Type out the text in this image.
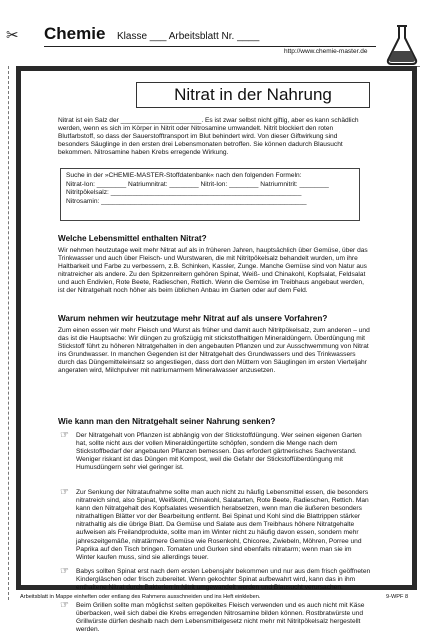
✂ Chemie Klasse ___ Arbeitsblatt Nr. ____
http://www.chemie-master.de
Nitrat in der Nahrung

Nitrat ist ein Salz der ______________________. Es ist zwar selbst nicht giftig, aber es kann schädlich werden, wenn es sich im Körper in Nitrit oder Nitrosamine umwandelt. Nitrit blockiert den roten Blutfarbstoff, so dass der Sauerstofftransport im Blut behindert wird. Von dieser Giftwirkung sind besonders Säuglinge in den ersten drei Lebensmonaten betroffen. Sie können dadurch Blausucht bekommen. Nitrosamine haben Krebs erregende Wirkung.

Suche in der »CHEMIE-MASTER-Stoffdatenbank« nach den folgenden Formeln:
Nitrat-Ion: ________ Natriumnitrat: ________ Nitrit-Ion: ________ Natriumnitrit: ________
Nitritpökelsalz: ____________________________________________________
Nitrosamin: ________________________________________________________
Welche Lebensmittel enthalten Nitrat?

Wir nehmen heutzutage weit mehr Nitrat auf als in früheren Jahren, hauptsächlich über Gemüse, über das Trinkwasser und auch über Fleisch- und Wurstwaren, die mit Nitritpökelsalz behandelt wurden, um ihre Haltbarkeit und Farbe zu verbessern, z.B. Schinken, Kassler, Zunge. Manche Gemüse sind von Natur aus nitratreicher als andere. Zu den Spitzenreitern gehören Spinat, Weiß- und Chinakohl, Kopfsalat, Feldsalat und auch Endivien, Rote Beete, Radieschen, Rettich. Wenn die Gemüse im Treibhaus angebaut werden, ist der Nitratgehalt noch höher als beim üblichen Anbau im Garten oder auf dem Feld.

Warum nehmen wir heutzutage mehr Nitrat auf als unsere Vorfahren?

Zum einen essen wir mehr Fleisch und Wurst als früher und damit auch Nitritpökelsalz, zum anderen – und das ist die Hauptsache: Wir düngen zu großzügig mit stickstoffhaltigen Mineraldüngern. Überdüngung mit Stickstoff führt zu höheren Nitratgehalten in den angebauten Pflanzen und zur Ausschwemmung von Nitrat ins Grundwasser. In manchen Gegenden ist der Nitratgehalt des Grundwassers und des Trinkwassers durch das Düngemitteleinsatz so angestiegen, dass dort den Müttern von Säuglingen im ersten Vierteljahr angeraten wird, Milchpulver mit natriumarmem Mineralwasser anzusetzen.

Wie kann man den Nitratgehalt seiner Nahrung senken?
☞ Der Nitratgehalt von Pflanzen ist abhängig von der Stickstoffdüngung. Wer seinen eigenen Garten hat, sollte nicht aus der vollen Mineraldüngertüte schöpfen, sondern die Menge nach dem Stickstoffbedarf der angebauten Pflanzen bemessen. Das erfordert gärtnerisches Sachverstand. Weniger riskant ist das Düngen mit Kompost, weil die Gefahr der Stickstoffüberdüngung mit Humusdüngern sehr viel geringer ist.

☞ Zur Senkung der Nitrataufnahme sollte man auch nicht zu häufig Lebensmittel essen, die besonders nitratreich sind, also Spinat, Weißkohl, Chinakohl, Salatarten, Rote Beete, Radieschen, Rettich. Man kann den Nitratgehalt des Kopfsalates wesentlich herabsetzen, wenn man die äußeren besonders nitrathaltigen Blätter vor der Bearbeitung entfernt. Bei Spinat und Kohl sind die Blattrippen stärker nitrathaltig als die übrige Blatt. Da Gemüse und Salate aus dem Treibhaus höhere Nitratgehalte aufweisen als Freilandprodukte, sollte man im Winter nicht zu häufig davon essen, sondern mehr jahreszeitgemäße, nitratärmere Gemüse wie Rosenkohl, Chicoree, Zwiebeln, Möhren, Porree und Paprika auf den Tisch bringen. Tomaten und Gurken sind ebenfalls nitratarm; wenn man sie im Winter kaufen muss, sind sie allerdings teuer.

☞ Babys sollten Spinat erst nach dem ersten Lebensjahr bekommen und nur aus dem frisch geöffneten Kindergläschen oder frisch zubereitet. Wenn gekochter Spinat aufbewahrt wird, kann das in ihm enthaltene Nitrat durch Bakterien in Nitrit umgewandelt werden und Blausucht verursachen.

☞ Beim Grillen sollte man möglichst selten gepökeltes Fleisch verwenden und es auch nicht mit Käse überbacken, weil sich dabei die Krebs erregenden Nitrosamine bilden können. Rostbratwürste und Grillwürste dürfen deshalb nach dem Lebensmittelgesetz nicht mehr mit Nitritpökelsalz hergestellt werden.

Arbeitsblatt in Mappe einheften oder entlang des Rahmens ausschneiden und ins Heft einkleben.	9-WPF 8
